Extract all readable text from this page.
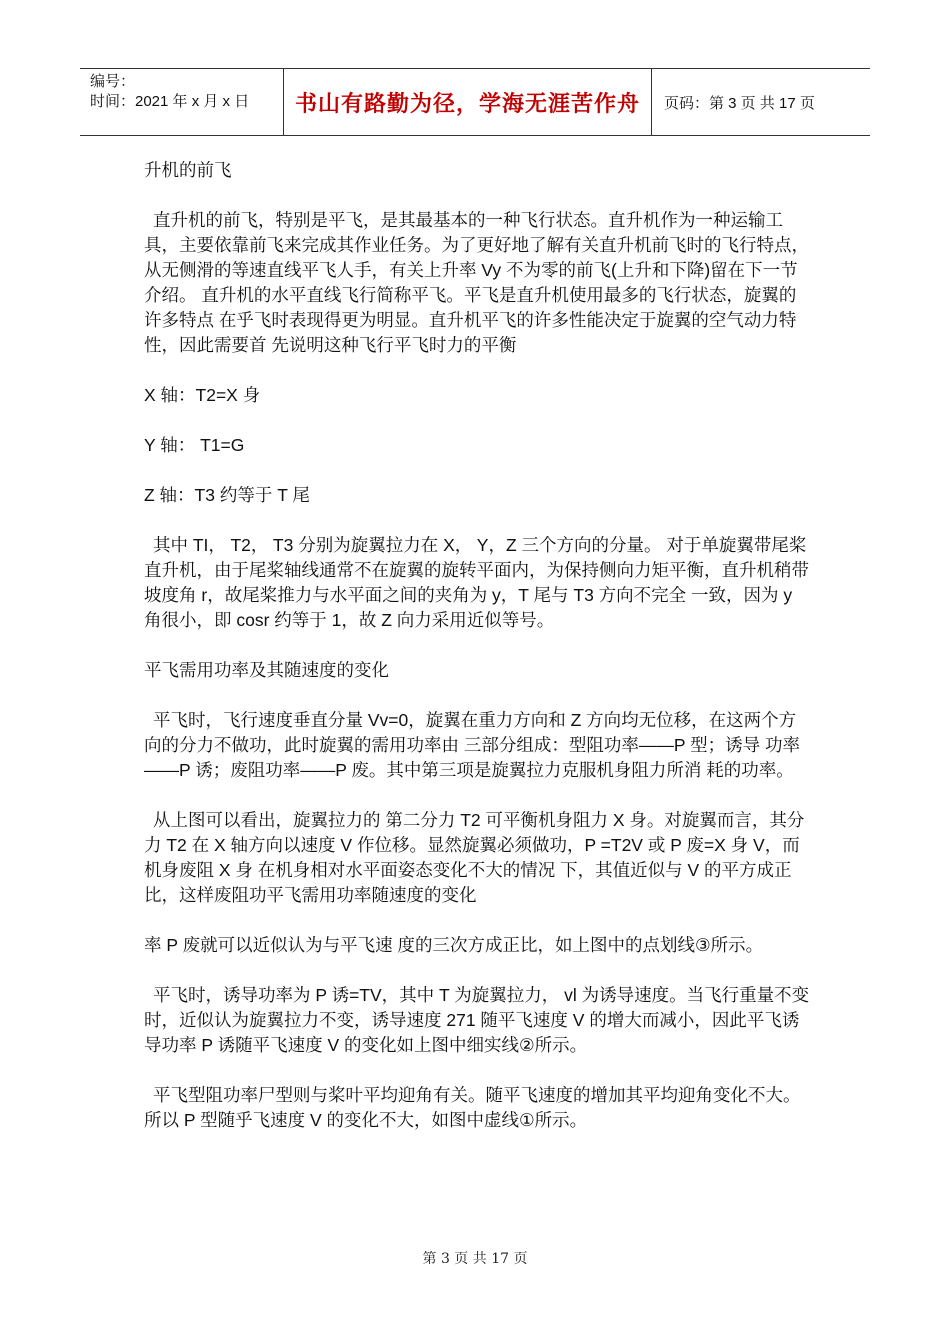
编号：
时间：2021 年 x 月 x 日	书山有路勤为径，学海无涯苦作舟 页码：第 3 页 共 17 页

升机的前飞

直升机的前飞，特别是平飞，是其最基本的一种飞行状态。直升机作为一种运输工具，主要依靠前飞来完成其作业任务。为了更好地了解有关直升机前飞时的飞行特点，从无侧滑的等速直线平飞人手，有关上升率 Vy 不为零的前飞(上升和下降)留在下一节介绍。 直升机的水平直线飞行简称平飞。平飞是直升机使用最多的飞行状态，旋翼的许多特点 在乎飞时表现得更为明显。直升机平飞的许多性能决定于旋翼的空气动力特性，因此需要首 先说明这种飞行平飞时力的平衡

X 轴：T2=X 身

Y 轴： T1=G

Z 轴：T3 约等于 T 尾

其中 TI， T2， T3 分别为旋翼拉力在 X， Y，Z 三个方向的分量。 对于单旋翼带尾桨直升机，由于尾桨轴线通常不在旋翼的旋转平面内，为保持侧向力矩平衡，直升机稍带坡度角 r，故尾桨推力与水平面之间的夹角为 y，T 尾与 T3 方向不完全 一致，因为 y 角很小，即 cosr 约等于 1，故 Z 向力采用近似等号。

平飞需用功率及其随速度的变化

平飞时，飞行速度垂直分量 Vv=0，旋翼在重力方向和 Z 方向均无位移，在这两个方向的分力不做功，此时旋翼的需用功率由 三部分组成：型阻功率——P 型；诱导 功率——P 诱；废阻功率——P 废。其中第三项是旋翼拉力克服机身阻力所消 耗的功率。

从上图可以看出，旋翼拉力的 第二分力 T2 可平衡机身阻力 X 身。对旋翼而言，其分力 T2 在 X 轴方向以速度 V 作位移。显然旋翼必须做功，P =T2V 或 P 废=X 身 V，而机身废阻 X 身 在机身相对水平面姿态变化不大的情况 下，其值近似与 V 的平方成正比，这样废阻功平飞需用功率随速度的变化

率 P 废就可以近似认为与平飞速 度的三次方成正比，如上图中的点划线③所示。

平飞时，诱导功率为 P 诱=TV，其中 T 为旋翼拉力， vl 为诱导速度。当飞行重量不变时，近似认为旋翼拉力不变，诱导速度 271 随平飞速度 V 的增大而减小，因此平飞诱导功率 P 诱随平飞速度 V 的变化如上图中细实线②所示。

平飞型阻功率尸型则与桨叶平均迎角有关。随平飞速度的增加其平均迎角变化不大。所以 P 型随乎飞速度 V 的变化不大，如图中虚线①所示。

第 3 页 共 17 页
